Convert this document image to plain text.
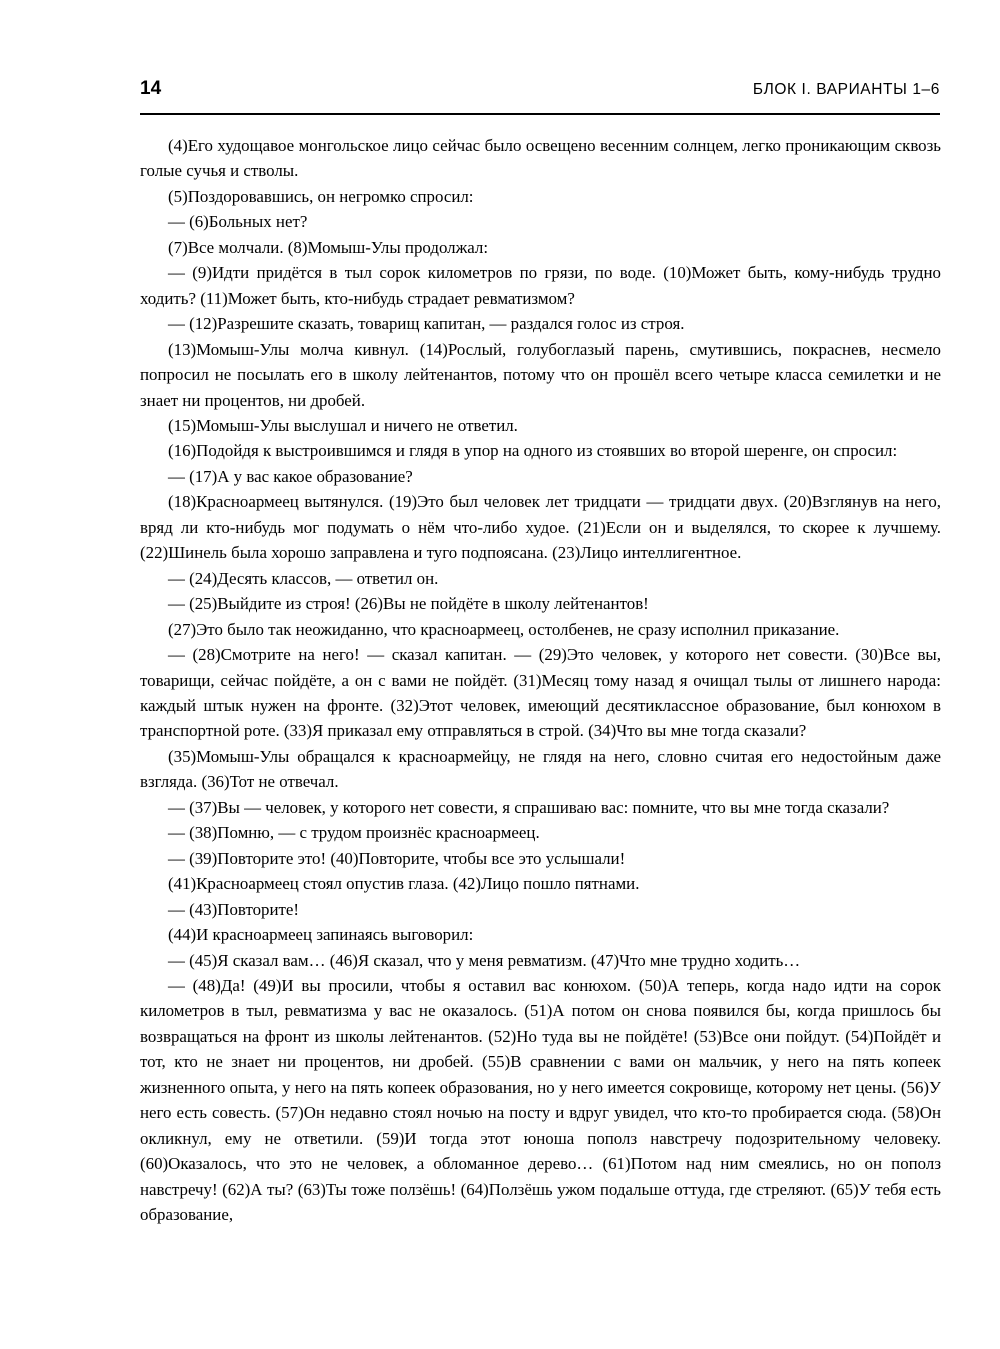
14	БЛОК I. ВАРИАНТЫ 1–6

(4)Его худощавое монгольское лицо сейчас было освещено весенним солнцем, легко проникающим сквозь голые сучья и стволы.

(5)Поздоровавшись, он негромко спросил:

— (6)Больных нет?

(7)Все молчали. (8)Момыш-Улы продолжал:

— (9)Идти придётся в тыл сорок километров по грязи, по воде. (10)Может быть, кому-нибудь трудно ходить? (11)Может быть, кто-нибудь страдает ревматизмом?

— (12)Разрешите сказать, товарищ капитан, — раздался голос из строя.

(13)Момыш-Улы молча кивнул. (14)Рослый, голубоглазый парень, смутившись, покраснев, несмело попросил не посылать его в школу лейтенантов, потому что он прошёл всего четыре класса семилетки и не знает ни процентов, ни дробей.

(15)Момыш-Улы выслушал и ничего не ответил.

(16)Подойдя к выстроившимся и глядя в упор на одного из стоявших во второй шеренге, он спросил:

— (17)А у вас какое образование?

(18)Красноармеец вытянулся. (19)Это был человек лет тридцати — тридцати двух. (20)Взглянув на него, вряд ли кто-нибудь мог подумать о нём что-либо худое. (21)Если он и выделялся, то скорее к лучшему. (22)Шинель была хорошо заправлена и туго подпоясана. (23)Лицо интеллигентное.

— (24)Десять классов, — ответил он.

— (25)Выйдите из строя! (26)Вы не пойдёте в школу лейтенантов!

(27)Это было так неожиданно, что красноармеец, остолбенев, не сразу исполнил приказание.

— (28)Смотрите на него! — сказал капитан. — (29)Это человек, у которого нет совести. (30)Все вы, товарищи, сейчас пойдёте, а он с вами не пойдёт. (31)Месяц тому назад я очищал тылы от лишнего народа: каждый штык нужен на фронте. (32)Этот человек, имеющий десятиклассное образование, был конюхом в транспортной роте. (33)Я приказал ему отправляться в строй. (34)Что вы мне тогда сказали?

(35)Момыш-Улы обращался к красноармейцу, не глядя на него, словно считая его недостойным даже взгляда. (36)Тот не отвечал.

— (37)Вы — человек, у которого нет совести, я спрашиваю вас: помните, что вы мне тогда сказали?

— (38)Помню, — с трудом произнёс красноармеец.

— (39)Повторите это! (40)Повторите, чтобы все это услышали!

(41)Красноармеец стоял опустив глаза. (42)Лицо пошло пятнами.

— (43)Повторите!

(44)И красноармеец запинаясь выговорил:

— (45)Я сказал вам… (46)Я сказал, что у меня ревматизм. (47)Что мне трудно ходить…

— (48)Да! (49)И вы просили, чтобы я оставил вас конюхом. (50)А теперь, когда надо идти на сорок километров в тыл, ревматизма у вас не оказалось. (51)А потом он снова появился бы, когда пришлось бы возвращаться на фронт из школы лейтенантов. (52)Но туда вы не пойдёте! (53)Все они пойдут. (54)Пойдёт и тот, кто не знает ни процентов, ни дробей. (55)В сравнении с вами он мальчик, у него на пять копеек жизненного опыта, у него на пять копеек образования, но у него имеется сокровище, которому нет цены. (56)У него есть совесть. (57)Он недавно стоял ночью на посту и вдруг увидел, что кто-то пробирается сюда. (58)Он окликнул, ему не ответили. (59)И тогда этот юноша пополз навстречу подозрительному человеку. (60)Оказалось, что это не человек, а обломанное дерево… (61)Потом над ним смеялись, но он пополз навстречу! (62)А ты? (63)Ты тоже ползёшь! (64)Ползёшь ужом подальше оттуда, где стреляют. (65)У тебя есть образование,
